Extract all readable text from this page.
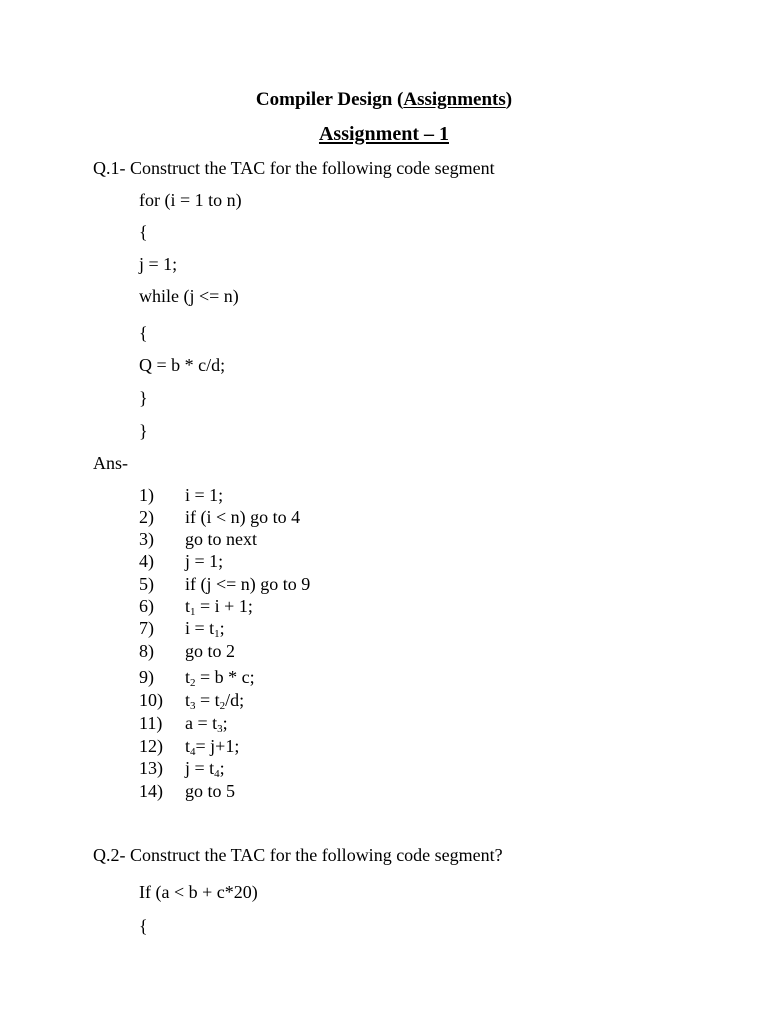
Compiler Design (Assignments)
Assignment – 1
Q.1- Construct the TAC for the following code segment
for (i = 1 to n)
{
j = 1;
while (j <= n)
{
Q = b * c/d;
}
}
Ans-
1) i = 1;
2) if (i < n) go to 4
3) go to next
4) j = 1;
5) if (j <= n) go to 9
6) $t_1 = i + 1$;
7) $i = t_1$;
8) go to 2
9) $t_2 = b * c$;
10) $t_3 = t_2/d$;
11) $a = t_3$;
12) $t_4= j+1$;
13) $j = t_4$;
14) go to 5
Q.2- Construct the TAC for the following code segment?
If (a < b + c*20)
{
